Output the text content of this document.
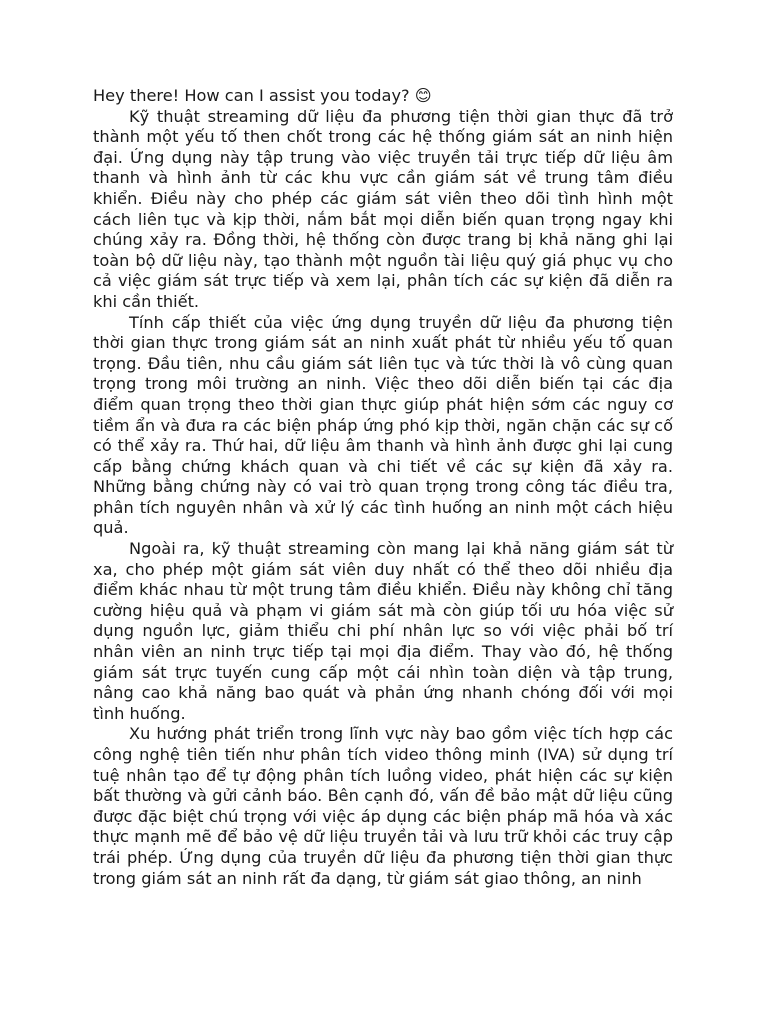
Hey there! How can I assist you today? 😊

Kỹ thuật streaming dữ liệu đa phương tiện thời gian thực đã trở thành một yếu tố then chốt trong các hệ thống giám sát an ninh hiện đại. Ứng dụng này tập trung vào việc truyền tải trực tiếp dữ liệu âm thanh và hình ảnh từ các khu vực cần giám sát về trung tâm điều khiển. Điều này cho phép các giám sát viên theo dõi tình hình một cách liên tục và kịp thời, nắm bắt mọi diễn biến quan trọng ngay khi chúng xảy ra. Đồng thời, hệ thống còn được trang bị khả năng ghi lại toàn bộ dữ liệu này, tạo thành một nguồn tài liệu quý giá phục vụ cho cả việc giám sát trực tiếp và xem lại, phân tích các sự kiện đã diễn ra khi cần thiết.

Tính cấp thiết của việc ứng dụng truyền dữ liệu đa phương tiện thời gian thực trong giám sát an ninh xuất phát từ nhiều yếu tố quan trọng. Đầu tiên, nhu cầu giám sát liên tục và tức thời là vô cùng quan trọng trong môi trường an ninh. Việc theo dõi diễn biến tại các địa điểm quan trọng theo thời gian thực giúp phát hiện sớm các nguy cơ tiềm ẩn và đưa ra các biện pháp ứng phó kịp thời, ngăn chặn các sự cố có thể xảy ra. Thứ hai, dữ liệu âm thanh và hình ảnh được ghi lại cung cấp bằng chứng khách quan và chi tiết về các sự kiện đã xảy ra. Những bằng chứng này có vai trò quan trọng trong công tác điều tra, phân tích nguyên nhân và xử lý các tình huống an ninh một cách hiệu quả.

Ngoài ra, kỹ thuật streaming còn mang lại khả năng giám sát từ xa, cho phép một giám sát viên duy nhất có thể theo dõi nhiều địa điểm khác nhau từ một trung tâm điều khiển. Điều này không chỉ tăng cường hiệu quả và phạm vi giám sát mà còn giúp tối ưu hóa việc sử dụng nguồn lực, giảm thiểu chi phí nhân lực so với việc phải bố trí nhân viên an ninh trực tiếp tại mọi địa điểm. Thay vào đó, hệ thống giám sát trực tuyến cung cấp một cái nhìn toàn diện và tập trung, nâng cao khả năng bao quát và phản ứng nhanh chóng đối với mọi tình huống.

Xu hướng phát triển trong lĩnh vực này bao gồm việc tích hợp các công nghệ tiên tiến như phân tích video thông minh (IVA) sử dụng trí tuệ nhân tạo để tự động phân tích luồng video, phát hiện các sự kiện bất thường và gửi cảnh báo. Bên cạnh đó, vấn đề bảo mật dữ liệu cũng được đặc biệt chú trọng với việc áp dụng các biện pháp mã hóa và xác thực mạnh mẽ để bảo vệ dữ liệu truyền tải và lưu trữ khỏi các truy cập trái phép. Ứng dụng của truyền dữ liệu đa phương tiện thời gian thực trong giám sát an ninh rất đa dạng, từ giám sát giao thông, an ninh
